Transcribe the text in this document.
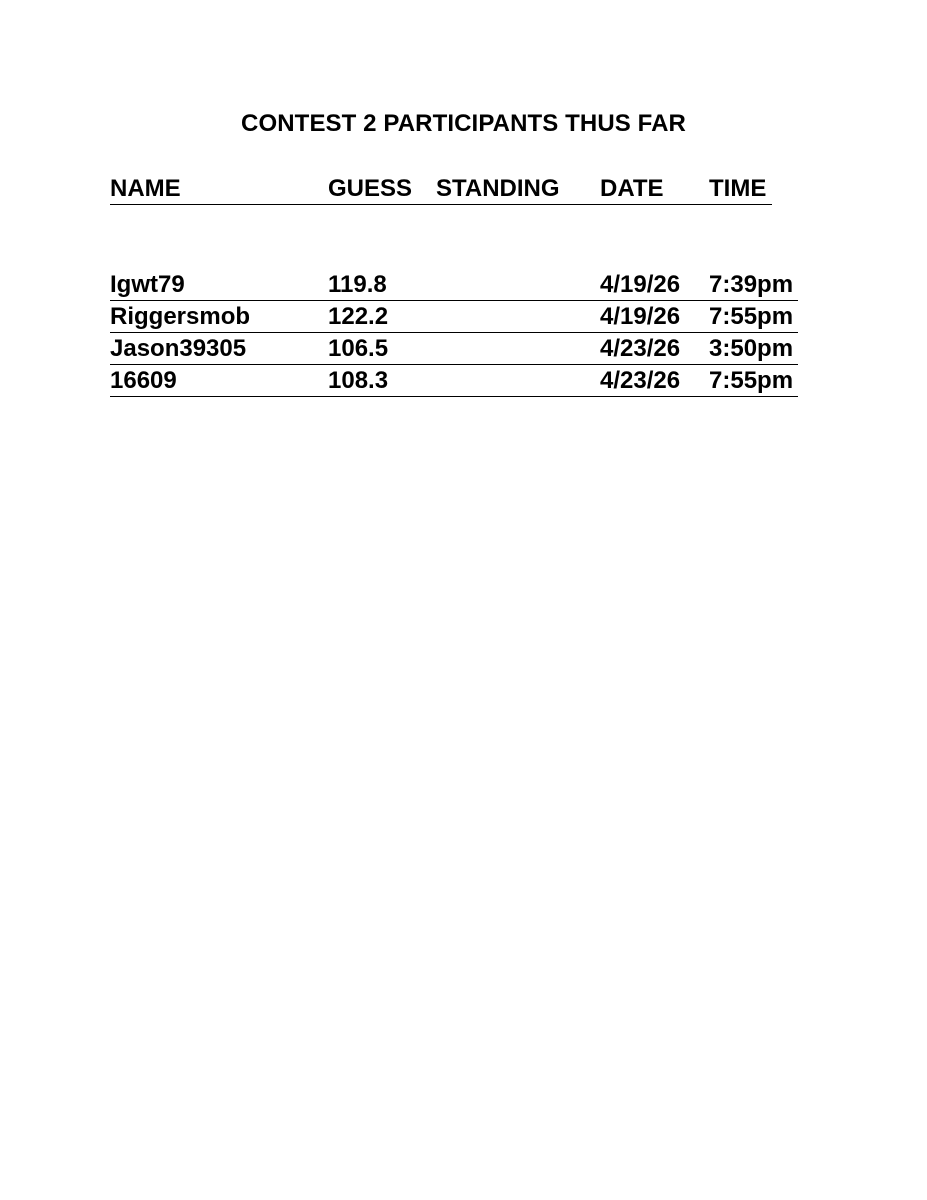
CONTEST 2 PARTICIPANTS THUS FAR
NAME	GUESS STANDING DATE TIME
Igwt79	119.8	4/19/26 7:39pm
Riggersmob	122.2	4/19/26 7:55pm
Jason39305	106.5	4/23/26 3:50pm
16609	108.3	4/23/26 7:55pm
